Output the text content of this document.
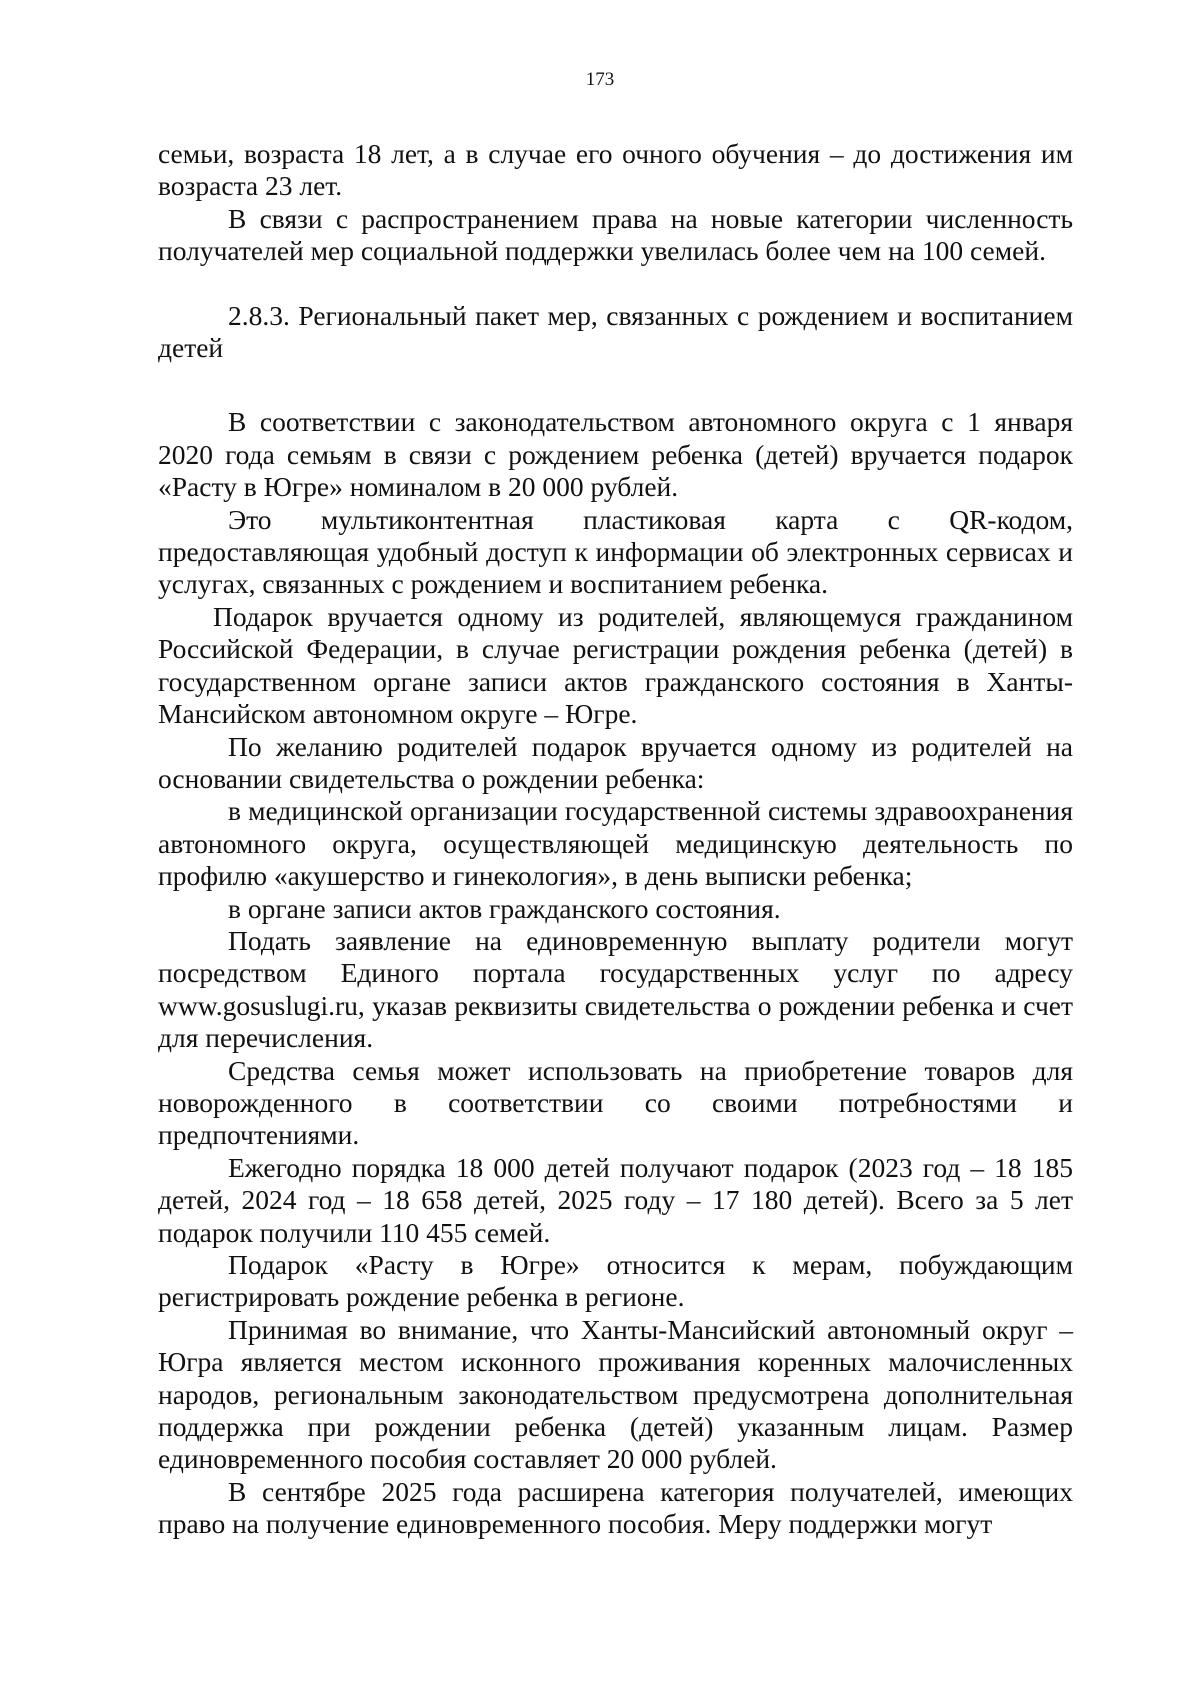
173

семьи, возраста 18 лет, а в случае его очного обучения – до достижения им возраста 23 лет.

В связи с распространением права на новые категории численность получателей мер социальной поддержки увелилась более чем на 100 семей.

2.8.3. Региональный пакет мер, связанных с рождением и воспитанием детей

В соответствии с законодательством автономного округа с 1 января 2020 года семьям в связи с рождением ребенка (детей) вручается подарок «Расту в Югре» номиналом в 20 000 рублей.

Это мультиконтентная пластиковая карта с QR-кодом, предоставляющая удобный доступ к информации об электронных сервисах и услугах, связанных с рождением и воспитанием ребенка.

Подарок вручается одному из родителей, являющемуся гражданином Российской Федерации, в случае регистрации рождения ребенка (детей) в государственном органе записи актов гражданского состояния в Ханты-Мансийском автономном округе – Югре.

По желанию родителей подарок вручается одному из родителей на основании свидетельства о рождении ребенка:

в медицинской организации государственной системы здравоохранения автономного округа, осуществляющей медицинскую деятельность по профилю «акушерство и гинекология», в день выписки ребенка;

в органе записи актов гражданского состояния.

Подать заявление на единовременную выплату родители могут посредством Единого портала государственных услуг по адресу www.gosuslugi.ru, указав реквизиты свидетельства о рождении ребенка и счет для перечисления.

Средства семья может использовать на приобретение товаров для новорожденного в соответствии со своими потребностями и предпочтениями.

Ежегодно порядка 18 000 детей получают подарок (2023 год – 18 185 детей, 2024 год – 18 658 детей, 2025 году – 17 180 детей). Всего за 5 лет подарок получили 110 455 семей.

Подарок «Расту в Югре» относится к мерам, побуждающим регистрировать рождение ребенка в регионе.

Принимая во внимание, что Ханты-Мансийский автономный округ – Югра является местом исконного проживания коренных малочисленных народов, региональным законодательством предусмотрена дополнительная поддержка при рождении ребенка (детей) указанным лицам. Размер единовременного пособия составляет 20 000 рублей.

В сентябре 2025 года расширена категория получателей, имеющих право на получение единовременного пособия. Меру поддержки могут
